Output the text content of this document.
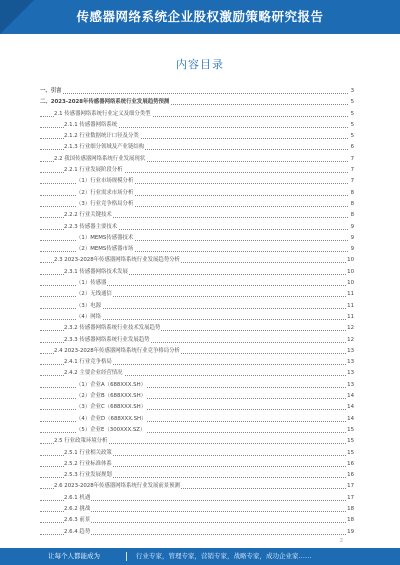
传感器网络系统企业股权激励策略研究报告
内容目录
一、引言	3
二、2023-2028年传感器网络系统行业发展趋势预测	5
2.1 传感器网络系统行业定义及细分类型	5
2.1.1 传感器网络系统	5
2.1.2 行业数据统计口径及分类	5
2.1.3 行业细分领域及产业链结构	6
2.2 我国传感器网络系统行业发展现状	7
2.2.1 行业发展阶段分析	7
（1）行业市场规模分析	7
（2）行业需求市场分析	8
（3）行业竞争格局分析	8
2.2.2 行业关键技术	8
2.2.3 传感器主要技术	9
（1）MEMS传感器技术	9
（2）MEMS传感器市场	9
2.3 2023-2028年传感器网络系统行业发展趋势分析	10
2.3.1 传感器网络技术发展	10
（1）传感器	10
（2）无线通信	11
（3）电源	11
（4）网络	11
2.3.2 传感器网络系统行业技术发展趋势	12
2.3.3 传感器网络系统行业发展趋势	12
2.4 2023-2028年传感器网络系统行业竞争格局分析	13
2.4.1 行业竞争格局	13
2.4.2 主要企业经营情况	13
（1）企业A（688XXX.SH）	13
（2）企业B（688XXX.SH）	14
（3）企业C（688XXX.SH）	14
（4）企业D（688XXX.SH）	14
（5）企业E（300XXX.SZ）	15
2.5 行业政策环境分析	15
2.5.1 行业相关政策	15
2.5.2 行业标准体系	16
2.5.3 行业发展规划	16
2.6 2023-2028年传感器网络系统行业发展前景预测	17
2.6.1 机遇	17
2.6.2 挑战	18
2.6.3 前景	18
2.6.4 趋势	19
2
让每个人都能成为	行业专家，管理专家，营销专家，战略专家，成功企业家……
